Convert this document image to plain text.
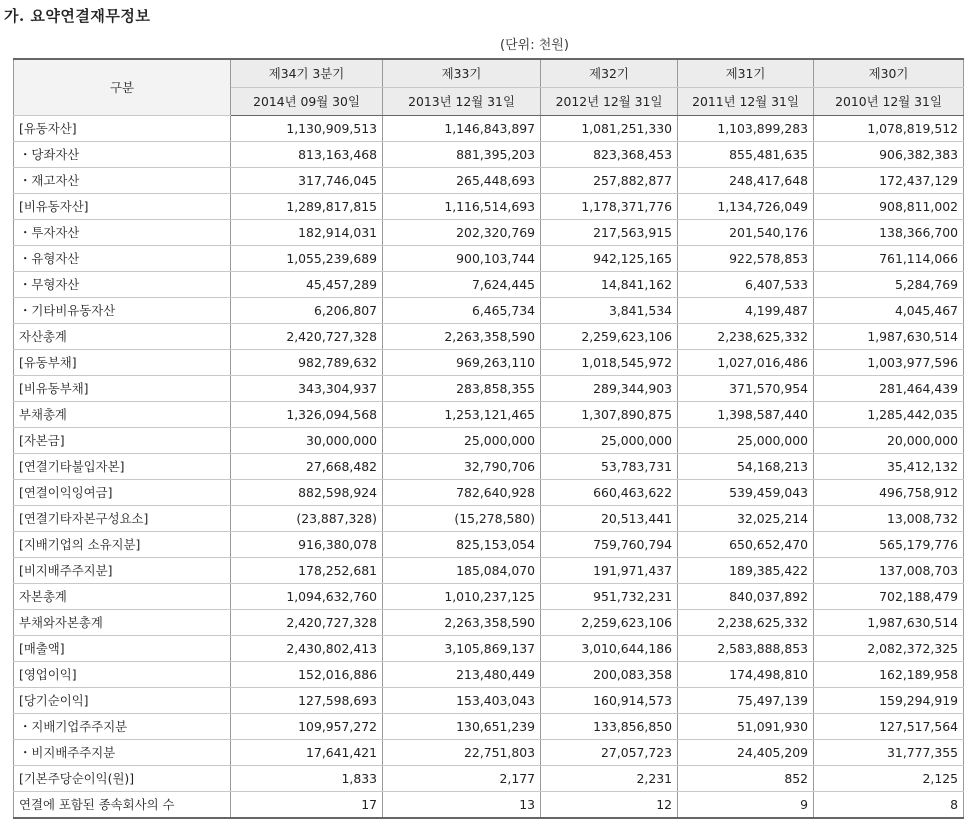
가. 요약연결재무정보
(단위: 천원)
구분	제34기 3분기	제33기	제32기	제31기	제30기
	2014년 09월 30일	2013년 12월 31일	2012년 12월 31일	2011년 12월 31일	2010년 12월 31일
[유동자산]	1,130,909,513	1,146,843,897	1,081,251,330	1,103,899,283	1,078,819,512
・당좌자산	813,163,468	881,395,203	823,368,453	855,481,635	906,382,383
・재고자산	317,746,045	265,448,693	257,882,877	248,417,648	172,437,129
[비유동자산]	1,289,817,815	1,116,514,693	1,178,371,776	1,134,726,049	908,811,002
・투자자산	182,914,031	202,320,769	217,563,915	201,540,176	138,366,700
・유형자산	1,055,239,689	900,103,744	942,125,165	922,578,853	761,114,066
・무형자산	45,457,289	7,624,445	14,841,162	6,407,533	5,284,769
・기타비유동자산	6,206,807	6,465,734	3,841,534	4,199,487	4,045,467
자산총계	2,420,727,328	2,263,358,590	2,259,623,106	2,238,625,332	1,987,630,514
[유동부채]	982,789,632	969,263,110	1,018,545,972	1,027,016,486	1,003,977,596
[비유동부채]	343,304,937	283,858,355	289,344,903	371,570,954	281,464,439
부채총계	1,326,094,568	1,253,121,465	1,307,890,875	1,398,587,440	1,285,442,035
[자본금]	30,000,000	25,000,000	25,000,000	25,000,000	20,000,000
[연결기타불입자본]	27,668,482	32,790,706	53,783,731	54,168,213	35,412,132
[연결이익잉여금]	882,598,924	782,640,928	660,463,622	539,459,043	496,758,912
[연결기타자본구성요소]	(23,887,328)	(15,278,580)	20,513,441	32,025,214	13,008,732
[지배기업의 소유지분]	916,380,078	825,153,054	759,760,794	650,652,470	565,179,776
[비지배주주지분]	178,252,681	185,084,070	191,971,437	189,385,422	137,008,703
자본총계	1,094,632,760	1,010,237,125	951,732,231	840,037,892	702,188,479
부채와자본총계	2,420,727,328	2,263,358,590	2,259,623,106	2,238,625,332	1,987,630,514
[매출액]	2,430,802,413	3,105,869,137	3,010,644,186	2,583,888,853	2,082,372,325
[영업이익]	152,016,886	213,480,449	200,083,358	174,498,810	162,189,958
[당기순이익]	127,598,693	153,403,043	160,914,573	75,497,139	159,294,919
・지배기업주주지분	109,957,272	130,651,239	133,856,850	51,091,930	127,517,564
・비지배주주지분	17,641,421	22,751,803	27,057,723	24,405,209	31,777,355
[기본주당순이익(원)]	1,833	2,177	2,231	852	2,125
연결에 포함된 종속회사의 수	17	13	12	9	8
